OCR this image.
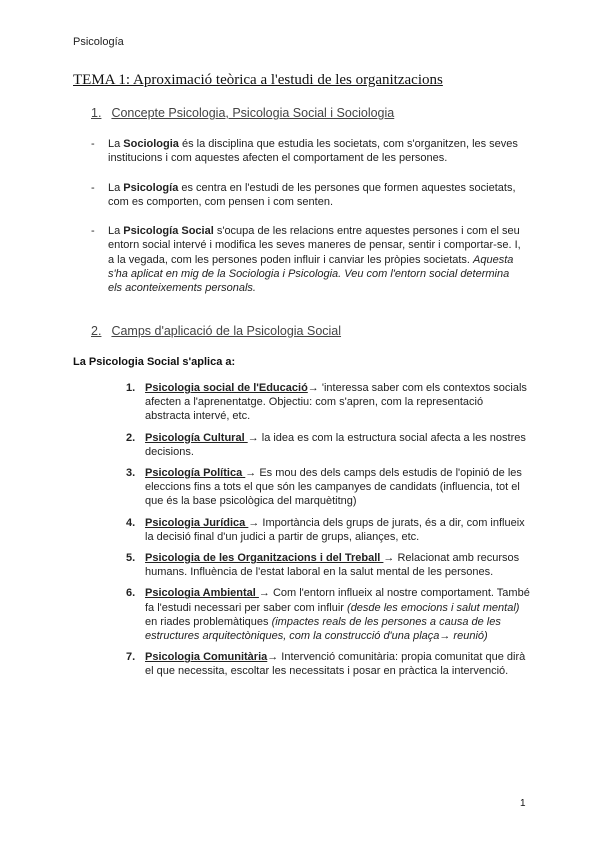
Psicología
TEMA 1: Aproximació teòrica a l'estudi de les organitzacions
1. Concepte Psicologia, Psicologia Social i Sociologia
- La Sociologia és la disciplina que estudia les societats, com s'organitzen, les seves institucions i com aquestes afecten el comportament de les persones.
- La Psicología es centra en l'estudi de les persones que formen aquestes societats, com es comporten, com pensen i com senten.
- La Psicología Social s'ocupa de les relacions entre aquestes persones i com el seu entorn social intervé i modifica les seves maneres de pensar, sentir i comportar-se. I, a la vegada, com les persones poden influir i canviar les pròpies societats. Aquesta s'ha aplicat en mig de la Sociologia i Psicologia. Veu com l'entorn social determina els aconteixements personals.
2. Camps d'aplicació de la Psicologia Social
La Psicologia Social s'aplica a:
1. Psicologia social de l'Educació→ 'interessa saber com els contextos socials afecten a l'aprenentatge. Objectiu: com s'apren, com la representació abstracta intervé, etc.
2. Psicología Cultural → la idea es com la estructura social afecta a les nostres decisions.
3. Psicología Política → Es mou des dels camps dels estudis de l'opinió de les eleccions fins a tots el que són les campanyes de candidats (influencia, tot el que és la base psicològica del marquètitng)
4. Psicologia Jurídica → Importància dels grups de jurats, és a dir, com influeix la decisió final d'un judici a partir de grups, aliançes, etc.
5. Psicologia de les Organitzacions i del Treball → Relacionat amb recursos humans. Influència de l'estat laboral en la salut mental de les persones.
6. Psicologia Ambiental → Com l'entorn influeix al nostre comportament. També fa l'estudi necessari per saber com influir (desde les emocions i salut mental) en riades problemàtiques (impactes reals de les persones a causa de les estructures arquitectòniques, com la construcció d'una plaça→ reunió)
7. Psicologia Comunitària→ Intervenció comunitària: propia comunitat que dirà el que necessita, escoltar les necessitats i posar en pràctica la intervenció.
1
